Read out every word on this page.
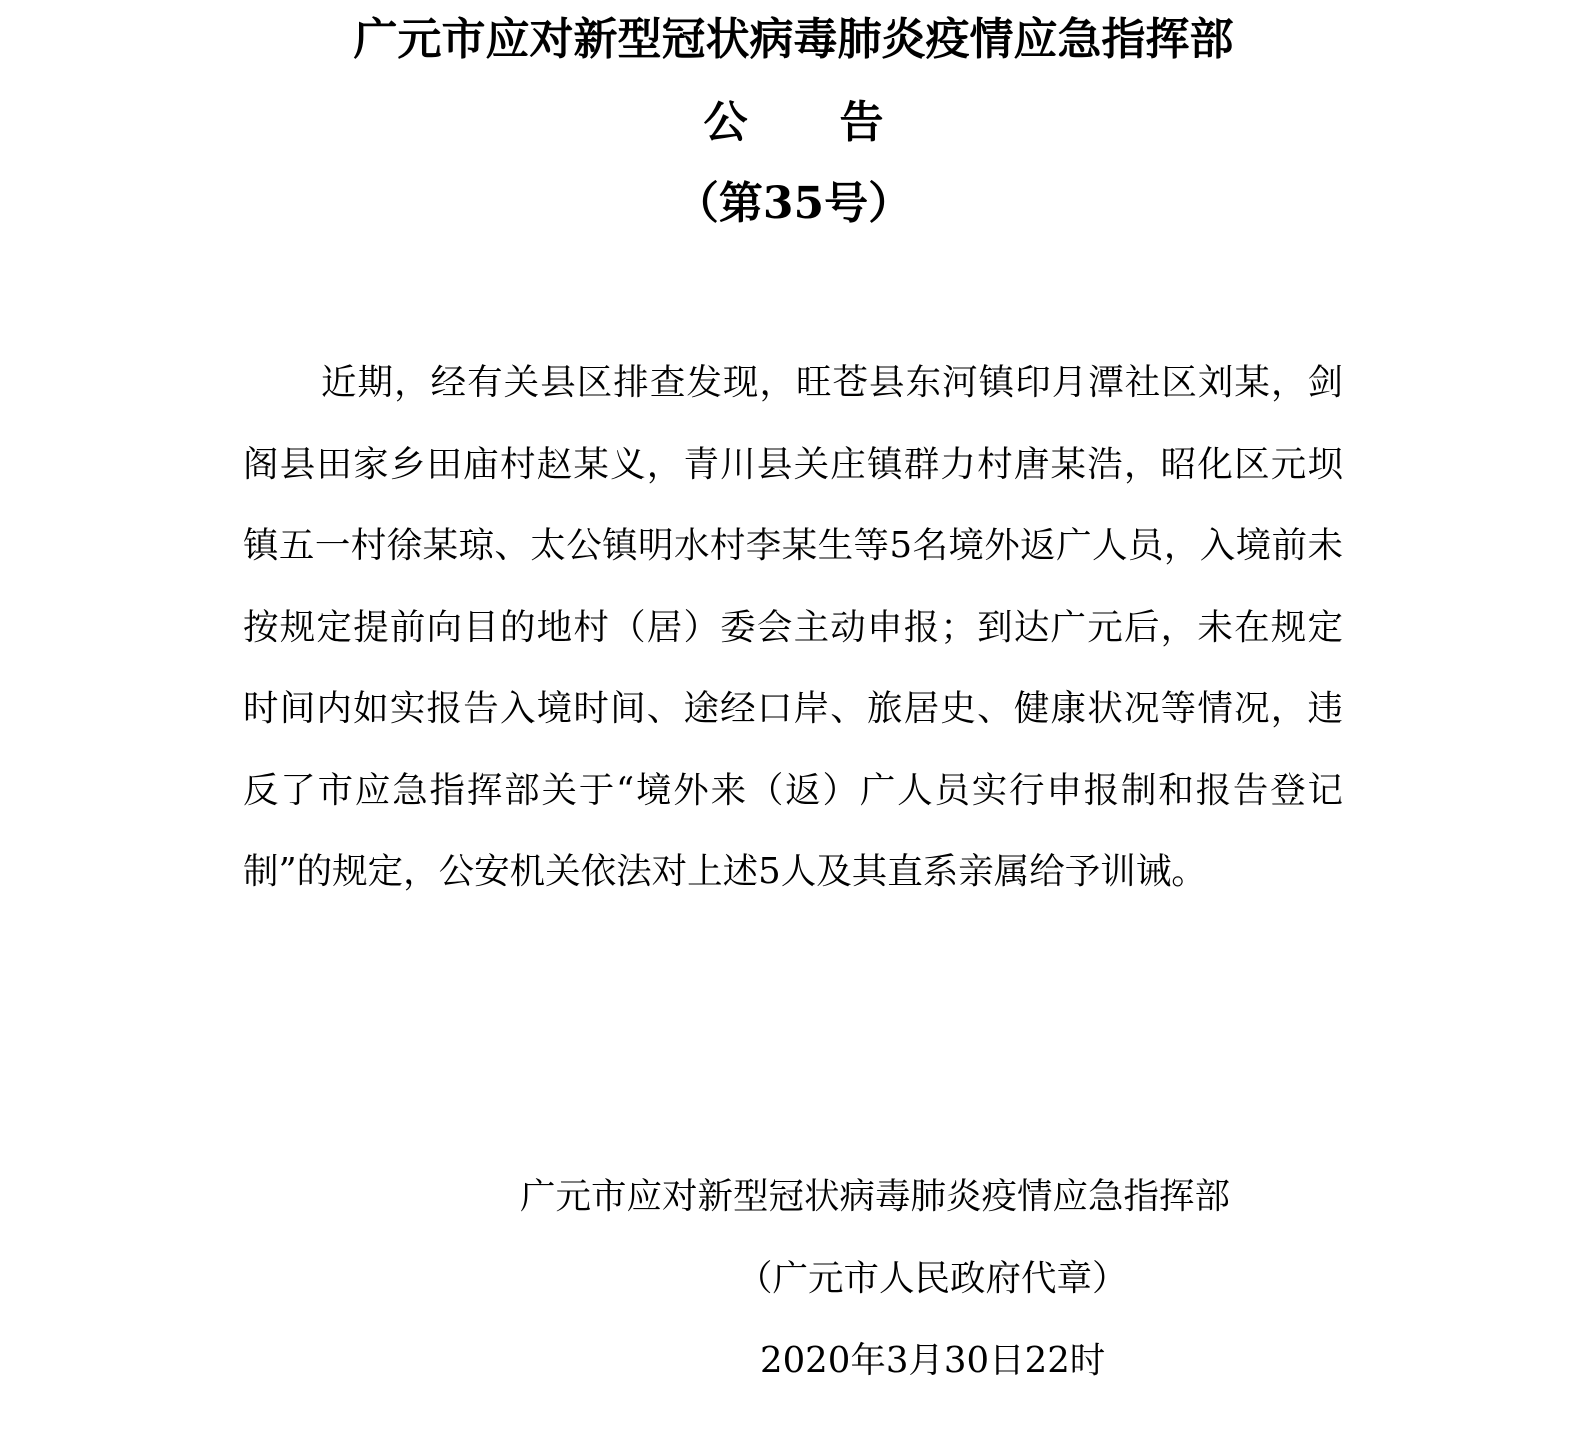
广元市应对新型冠状病毒肺炎疫情应急指挥部
公告
（第35号）

近期，经有关县区排查发现，旺苍县东河镇印月潭社区刘某，剑阁县田家乡田庙村赵某义，青川县关庄镇群力村唐某浩，昭化区元坝镇五一村徐某琼、太公镇明水村李某生等5名境外返广人员，入境前未按规定提前向目的地村（居）委会主动申报；到达广元后，未在规定时间内如实报告入境时间、途经口岸、旅居史、健康状况等情况，违反了市应急指挥部关于“境外来（返）广人员实行申报制和报告登记制”的规定，公安机关依法对上述5人及其直系亲属给予训诫。

广元市应对新型冠状病毒肺炎疫情应急指挥部
（广元市人民政府代章）
2020年3月30日22时
